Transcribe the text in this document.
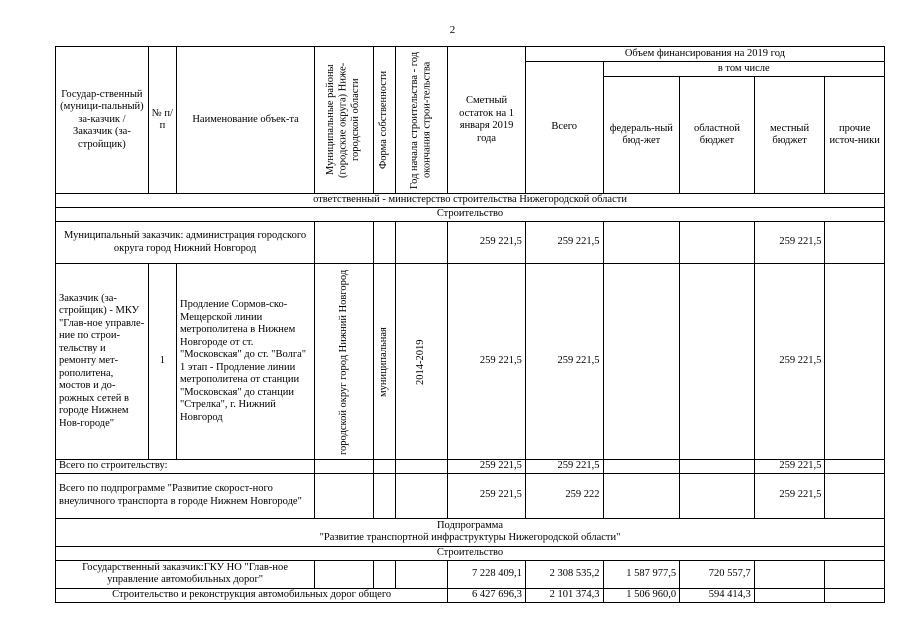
2
Государ-ственный (муници-пальный) за-казчик / Заказчик (за-стройщик)	№ п/п	Наименование объек-та	Муниципальные районы (городские округа) Ниже-городской области	Форма собственности	Год начала строительства - год окончания строи-тельства	Сметный остаток на 1 января 2019 года	Объем финансирования на 2019 год				
							Всего	в том числе			
								федераль-ный бюд-жет	областной бюджет	местный бюджет	прочие источ-ники
ответственный - министерство строительства Нижегородской области											
Строительство											
Муниципальный заказчик: администрация городского округа город Нижний Новгород						259 221,5	259 221,5			259 221,5	
Заказчик (за-стройщик) - МКУ "Глав-ное управле-ние по строи-тельству и ремонту мет-рополитена, мостов и до-рожных сетей в городе Нижнем Нов-городе"	1	Продление Сормов-ско-Мещерской линии метрополитена в Нижнем Новгороде от ст. "Московская" до ст. "Волга" 1 этап - Продление линии метрополитена от станции "Московская" до станции "Стрелка", г. Нижний Новгород	городской округ город Нижний Новгород	муниципальная	2014-2019	259 221,5	259 221,5			259 221,5	
Всего по строительству:						259 221,5	259 221,5			259 221,5	
Всего по подпрограмме "Развитие скорост-ного внеуличного транспорта в городе Нижнем Новгороде"						259 221,5	259 222			259 221,5	

Подпрограмма
"Развитие транспортной инфраструктуры Нижегородской области"											

Строительство											
Государственный заказчик:ГКУ НО "Глав-ное управление автомобильных дорог"						7 228 409,1	2 308 535,2	1 587 977,5	720 557,7		
Строительство и реконструкция автомобильных дорог общего						6 427 696,3	2 101 374,3	1 506 960,0	594 414,3		
